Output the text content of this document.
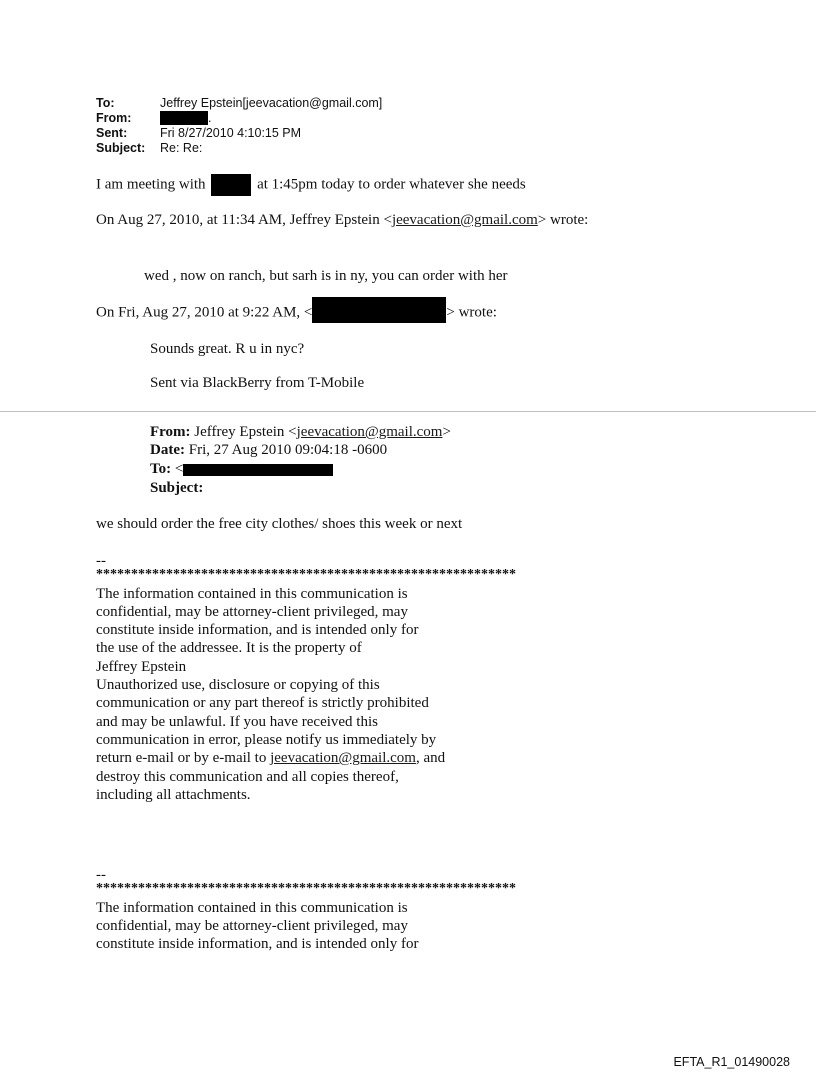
To:	Jeffrey Epstein[jeevacation@gmail.com]
From:	.
Sent:	Fri 8/27/2010 4:10:15 PM
Subject:	Re: Re:
I am meeting with	at 1:45pm today to order whatever she needs
On Aug 27, 2010, at 11:34 AM, Jeffrey Epstein <jeevacation@gmail.com> wrote:
wed , now on ranch, but sarh is in ny, you can order with her
On Fri, Aug 27, 2010 at 9:22 AM, <	> wrote:
Sounds great. R u in nyc?
Sent via BlackBerry from T-Mobile
From: Jeffrey Epstein <jeevacation@gmail.com>
Date: Fri, 27 Aug 2010 09:04:18 -0600
To: <
Subject:
we should order the free city clothes/ shoes this week or next
--
************************************************************
The information contained in this communication is
confidential, may be attorney-client privileged, may
constitute inside information, and is intended only for
the use of the addressee. It is the property of
Jeffrey Epstein
Unauthorized use, disclosure or copying of this
communication or any part thereof is strictly prohibited
and may be unlawful. If you have received this
communication in error, please notify us immediately by
return e-mail or by e-mail to jeevacation@gmail.com, and
destroy this communication and all copies thereof,
including all attachments.
--
************************************************************
The information contained in this communication is
confidential, may be attorney-client privileged, may
constitute inside information, and is intended only for
EFTA_R1_01490028
